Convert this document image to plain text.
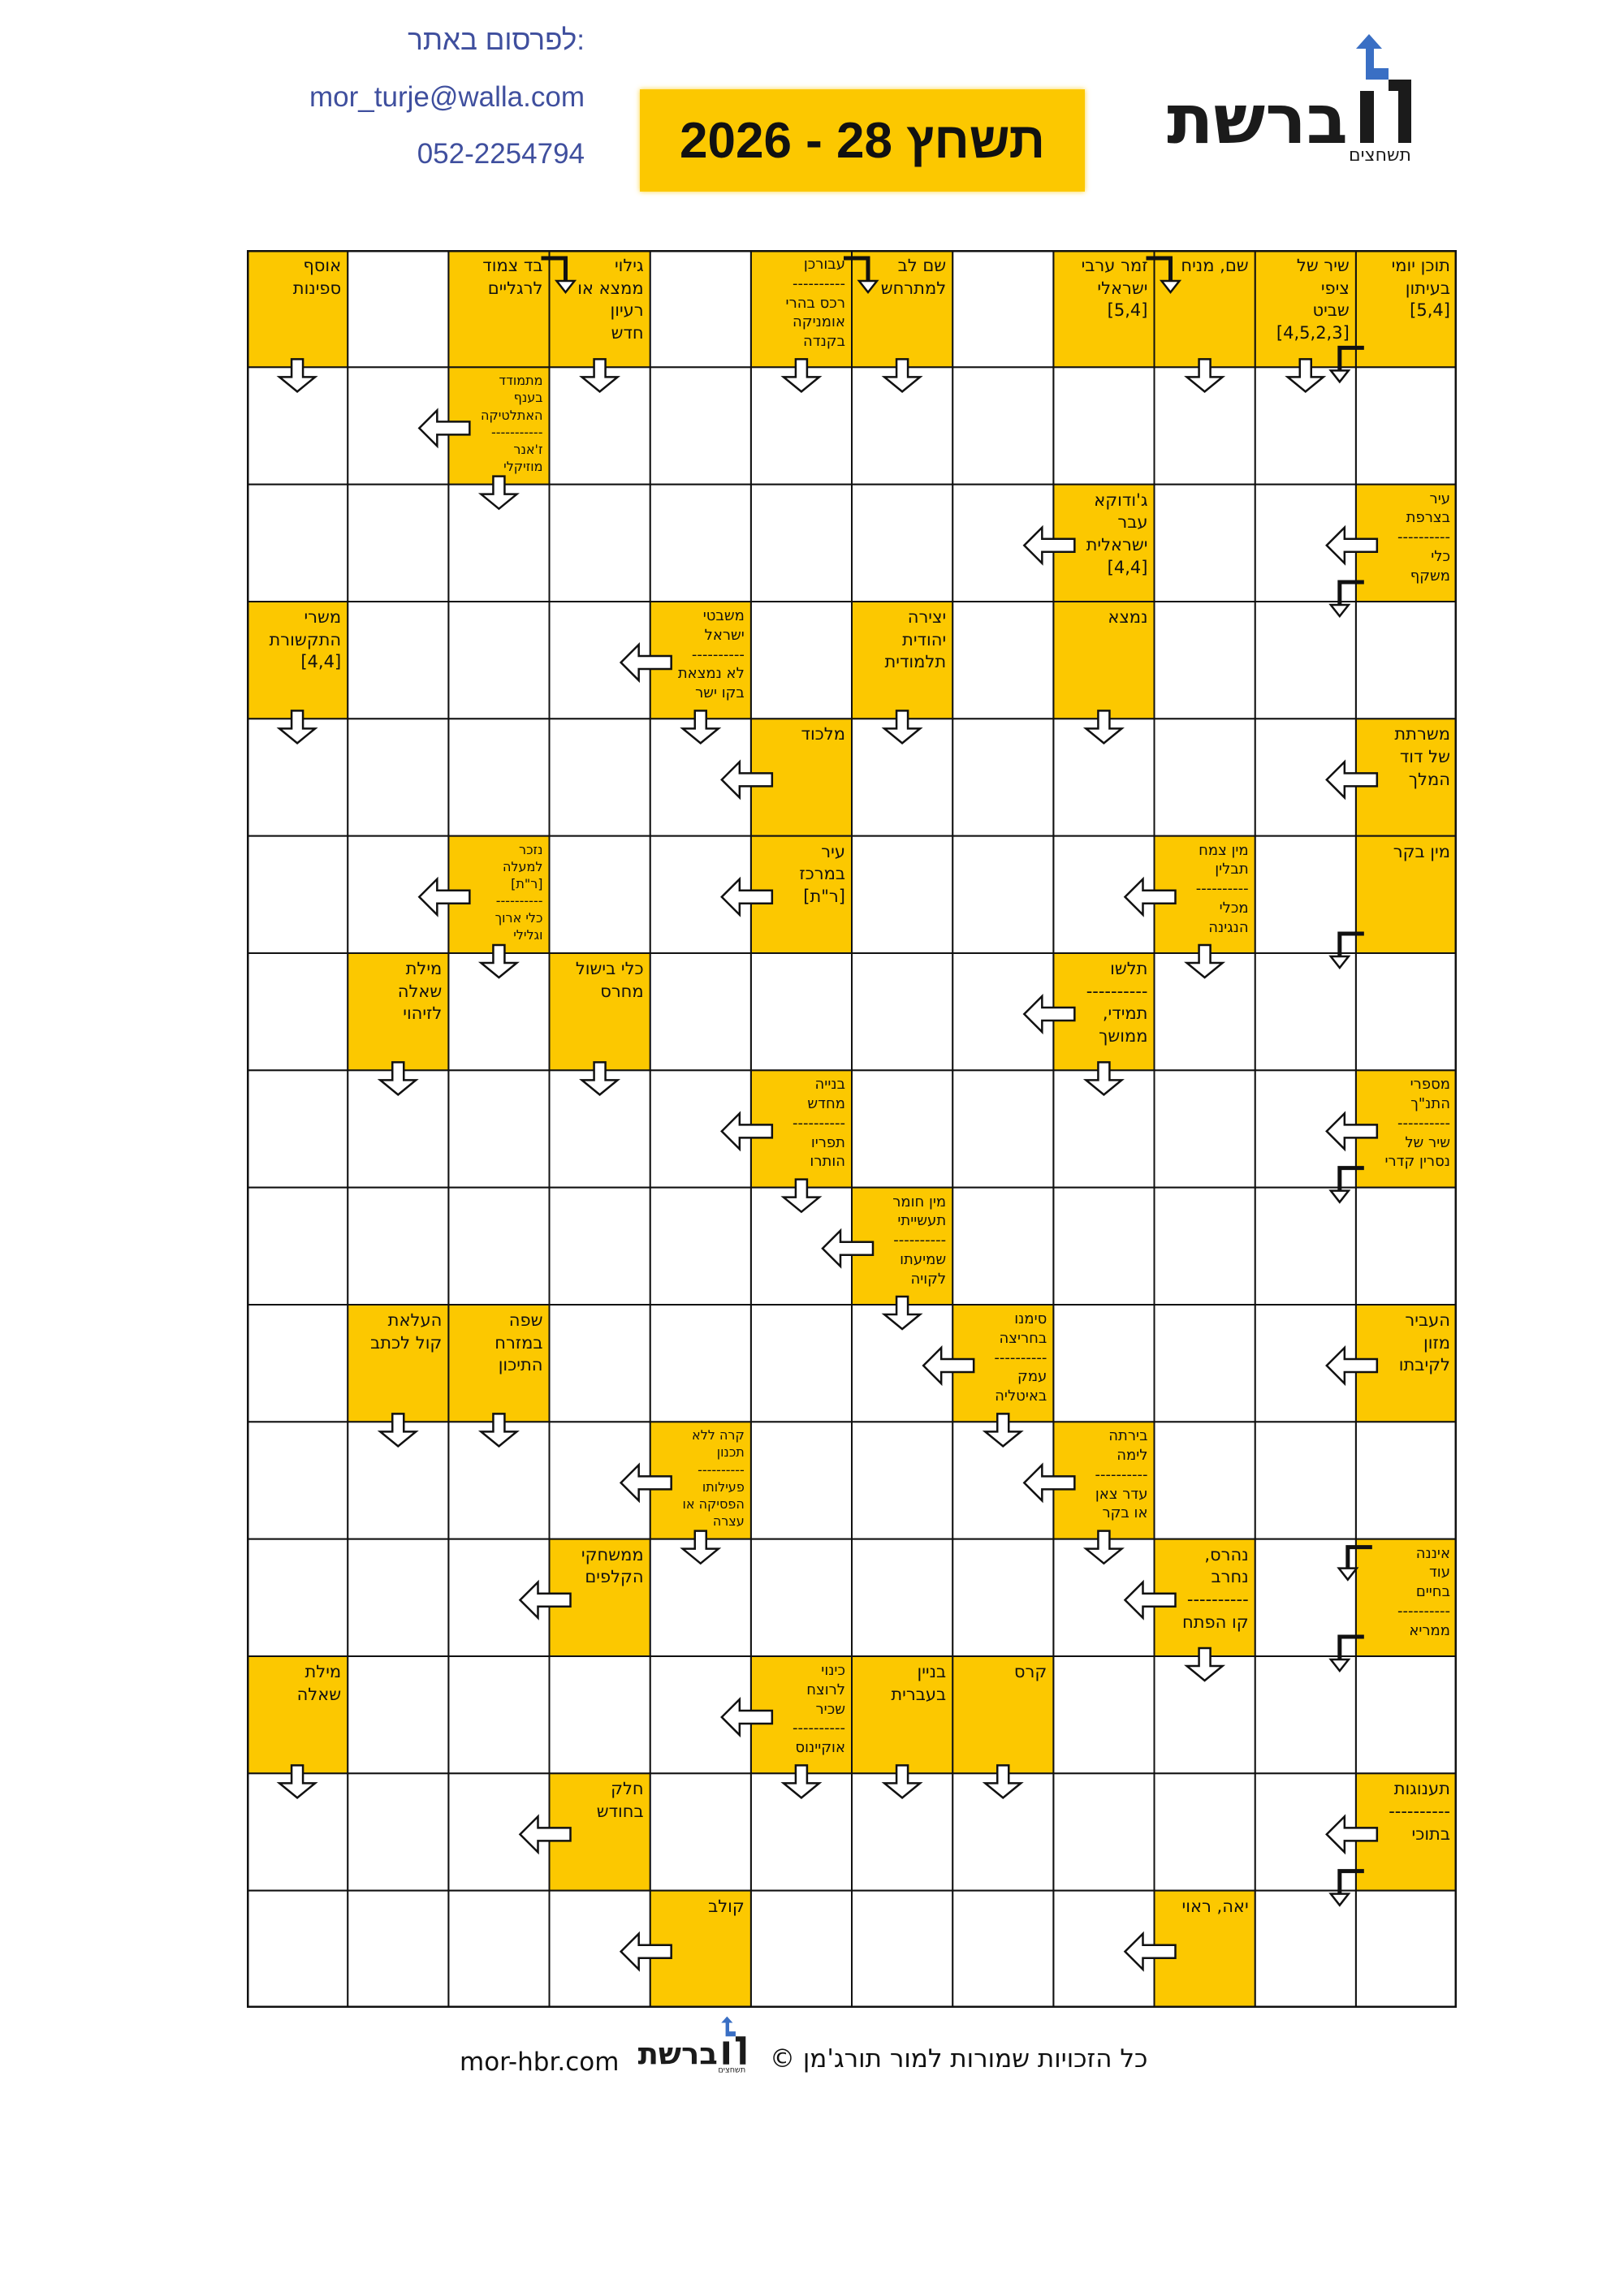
לפרסום באתר:
mor_turje@walla.com
052-2254794 תשחץ 28 - 2026 ברשת תשחצים
תוכן יומי
בעיתון
[5,4]
שיר של
ציפי
שביט
[4,5,2,3]
שם, מניח
זמר ערבי
ישראלי
[5,4]
שם לב
למתרחש
עבורכן
----------
רכס בהרי
אומניקה
בקנדה
גילוי
ממצא או
רעיון
חדש
בד צמוד
לרגליים
אוסף
ספינות
מתמודד
בענף
האתלטיקה
-----------
ז'אנר
מוזיקלי
עיר
בצרפת
----------
כלי
משקף
ג'ודוקא
עבר
ישראלית
[4,4]
נמצא
יצירה
יהודית
תלמודית
משבטי
ישראל
----------
לא נמצאת
בקו ישר
משרי
התקשורת
[4,4]
משרתת
של דוד
המלך
מלכוד
מין בקר
מין צמח
תבלין
----------
מכלי
הנגינה
עיר
במרכז
[ר"ת]
נזכר
למעלה
[ר"ת]
----------
כלי ארוך
וגלילי
תלשו
----------
תמידי,
ממושך
כלי בישול
מחרס
מילת
שאלה
לזיהוי
מספרי
התנ"ך
----------
שיר של
נסרין קדרי
בנייה
מחדש
----------
תפריו
הותרו
מין חומר
תעשייתי
----------
שמיעתו
לקויה
העביר
מזון
לקיבתו
סימנו
בחריצה
----------
עמק
באיטליה
שפה
במזרח
התיכון
העלאת
קול לכתב
בירתה
לימה
----------
עדר צאן
או בקר
קרה ללא
תכנון
----------
פעילותו
הפסיקה או
עצרה
איננה
עוד
בחיים
----------
ממריא
נהרס,
נחרב
----------
קו הפתח
ממשחקי
הקלפים
קרס
בניין
בעברית
כינוי
לרוצח
שכיר
----------
אוקיינוס
מילת
שאלה
תענוגות
----------
בתוכי
חלק
בחודש
יאה, ראוי
קולב
ברשת תשחצים כל הזכויות שמורות למור תורג'מן ©
mor-hbr.com
